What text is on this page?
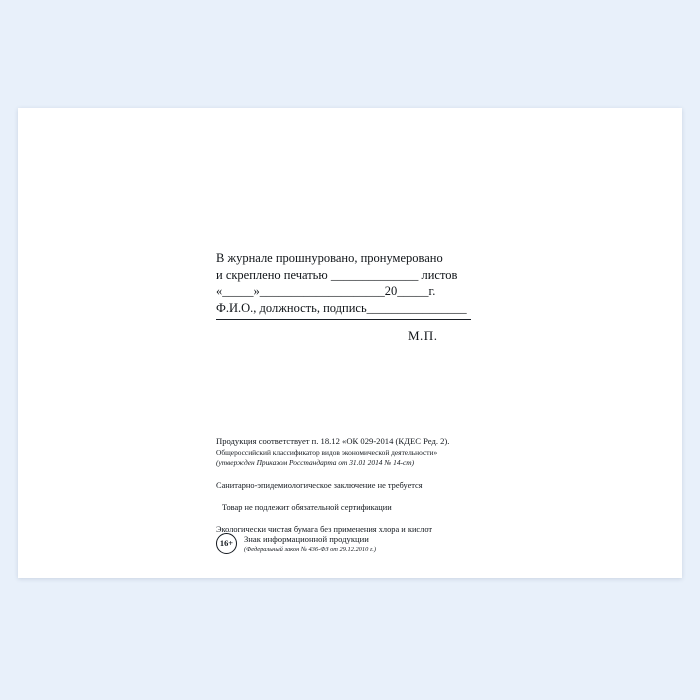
В журнале прошнуровано, пронумеровано
и скреплено печатью ______________ листов
«_____»____________________20_____г.
Ф.И.О., должность, подпись________________
М.П.
Продукция соответствует п. 18.12 «ОК 029-2014 (КДЕС Ред. 2).
Общероссийский классификатор видов экономической деятельности»
(утвержден Приказом Росстандарта от 31.01 2014 № 14-ст)
Санитарно-эпидемиологическое заключение не требуется
Товар не подлежит обязательной сертификации
Экологически чистая бумага без применения хлора и кислот
16+	Знак информационной продукции
(Федеральный закон № 436-ФЗ от 29.12.2010 г.)
